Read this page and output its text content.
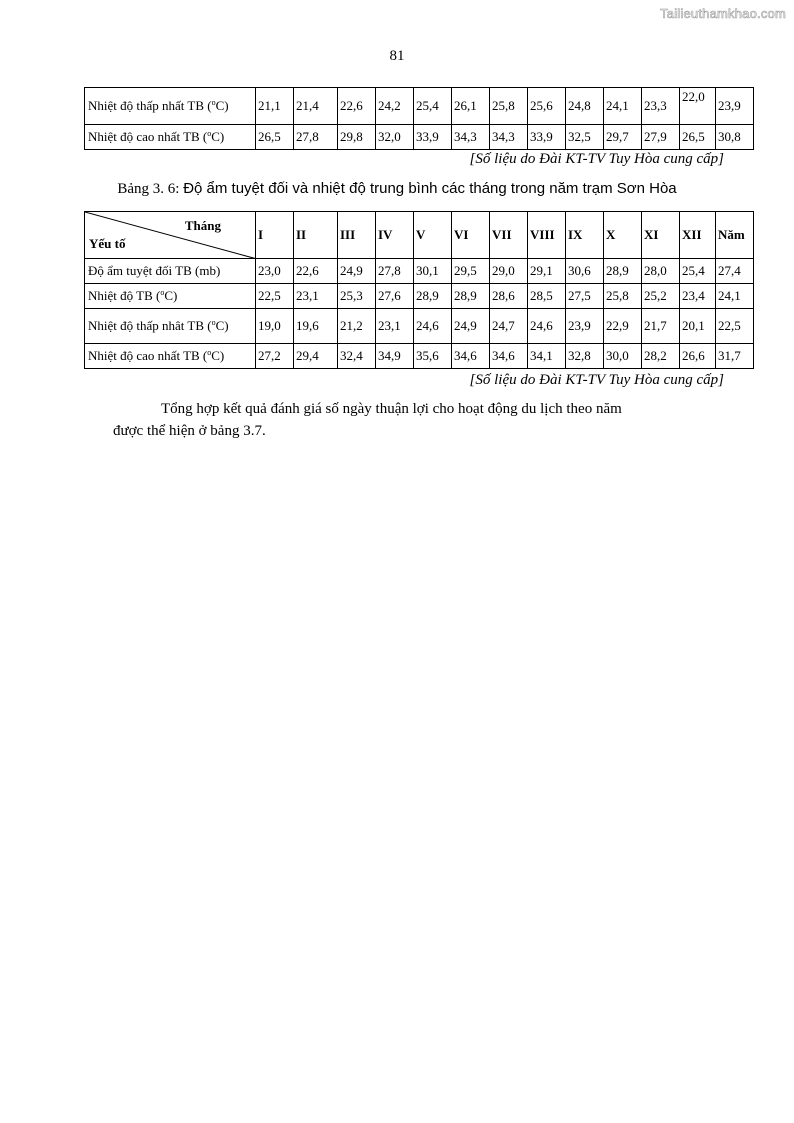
Tailieuthamkhao.com
81
Nhiệt độ thấp nhất TB ($^o$C)	21,1	21,4	22,6	24,2	25,4	26,1	25,8	25,6	24,8	24,1	23,3	22,0	23,9
Nhiệt độ cao nhất TB ($^o$C)	26,5	27,8	29,8	32,0	33,9	34,3	34,3	33,9	32,5	29,7	27,9	26,5	30,8
[Số liệu do Đài KT-TV Tuy Hòa cung cấp]
Bảng 3. 6: Độ ẩm tuyệt đối và nhiệt độ trung bình các tháng trong năm trạm Sơn Hòa
Tháng
Yếu tố	I	II	III	IV	V	VI	VII	VIII	IX	X	XI	XII	Năm
Độ ẩm tuyệt đối TB (mb)	23,0	22,6	24,9	27,8	30,1	29,5	29,0	29,1	30,6	28,9	28,0	25,4	27,4
Nhiệt độ TB ($^o$C)	22,5	23,1	25,3	27,6	28,9	28,9	28,6	28,5	27,5	25,8	25,2	23,4	24,1
Nhiệt độ thấp nhât TB ($^o$C)	19,0	19,6	21,2	23,1	24,6	24,9	24,7	24,6	23,9	22,9	21,7	20,1	22,5
Nhiệt độ cao nhất TB ($^o$C)	27,2	29,4	32,4	34,9	35,6	34,6	34,6	34,1	32,8	30,0	28,2	26,6	31,7
[Số liệu do Đài KT-TV Tuy Hòa cung cấp]
Tổng hợp kết quả đánh giá số ngày thuận lợi cho hoạt động du lịch theo năm
được thể hiện ở bảng 3.7.
